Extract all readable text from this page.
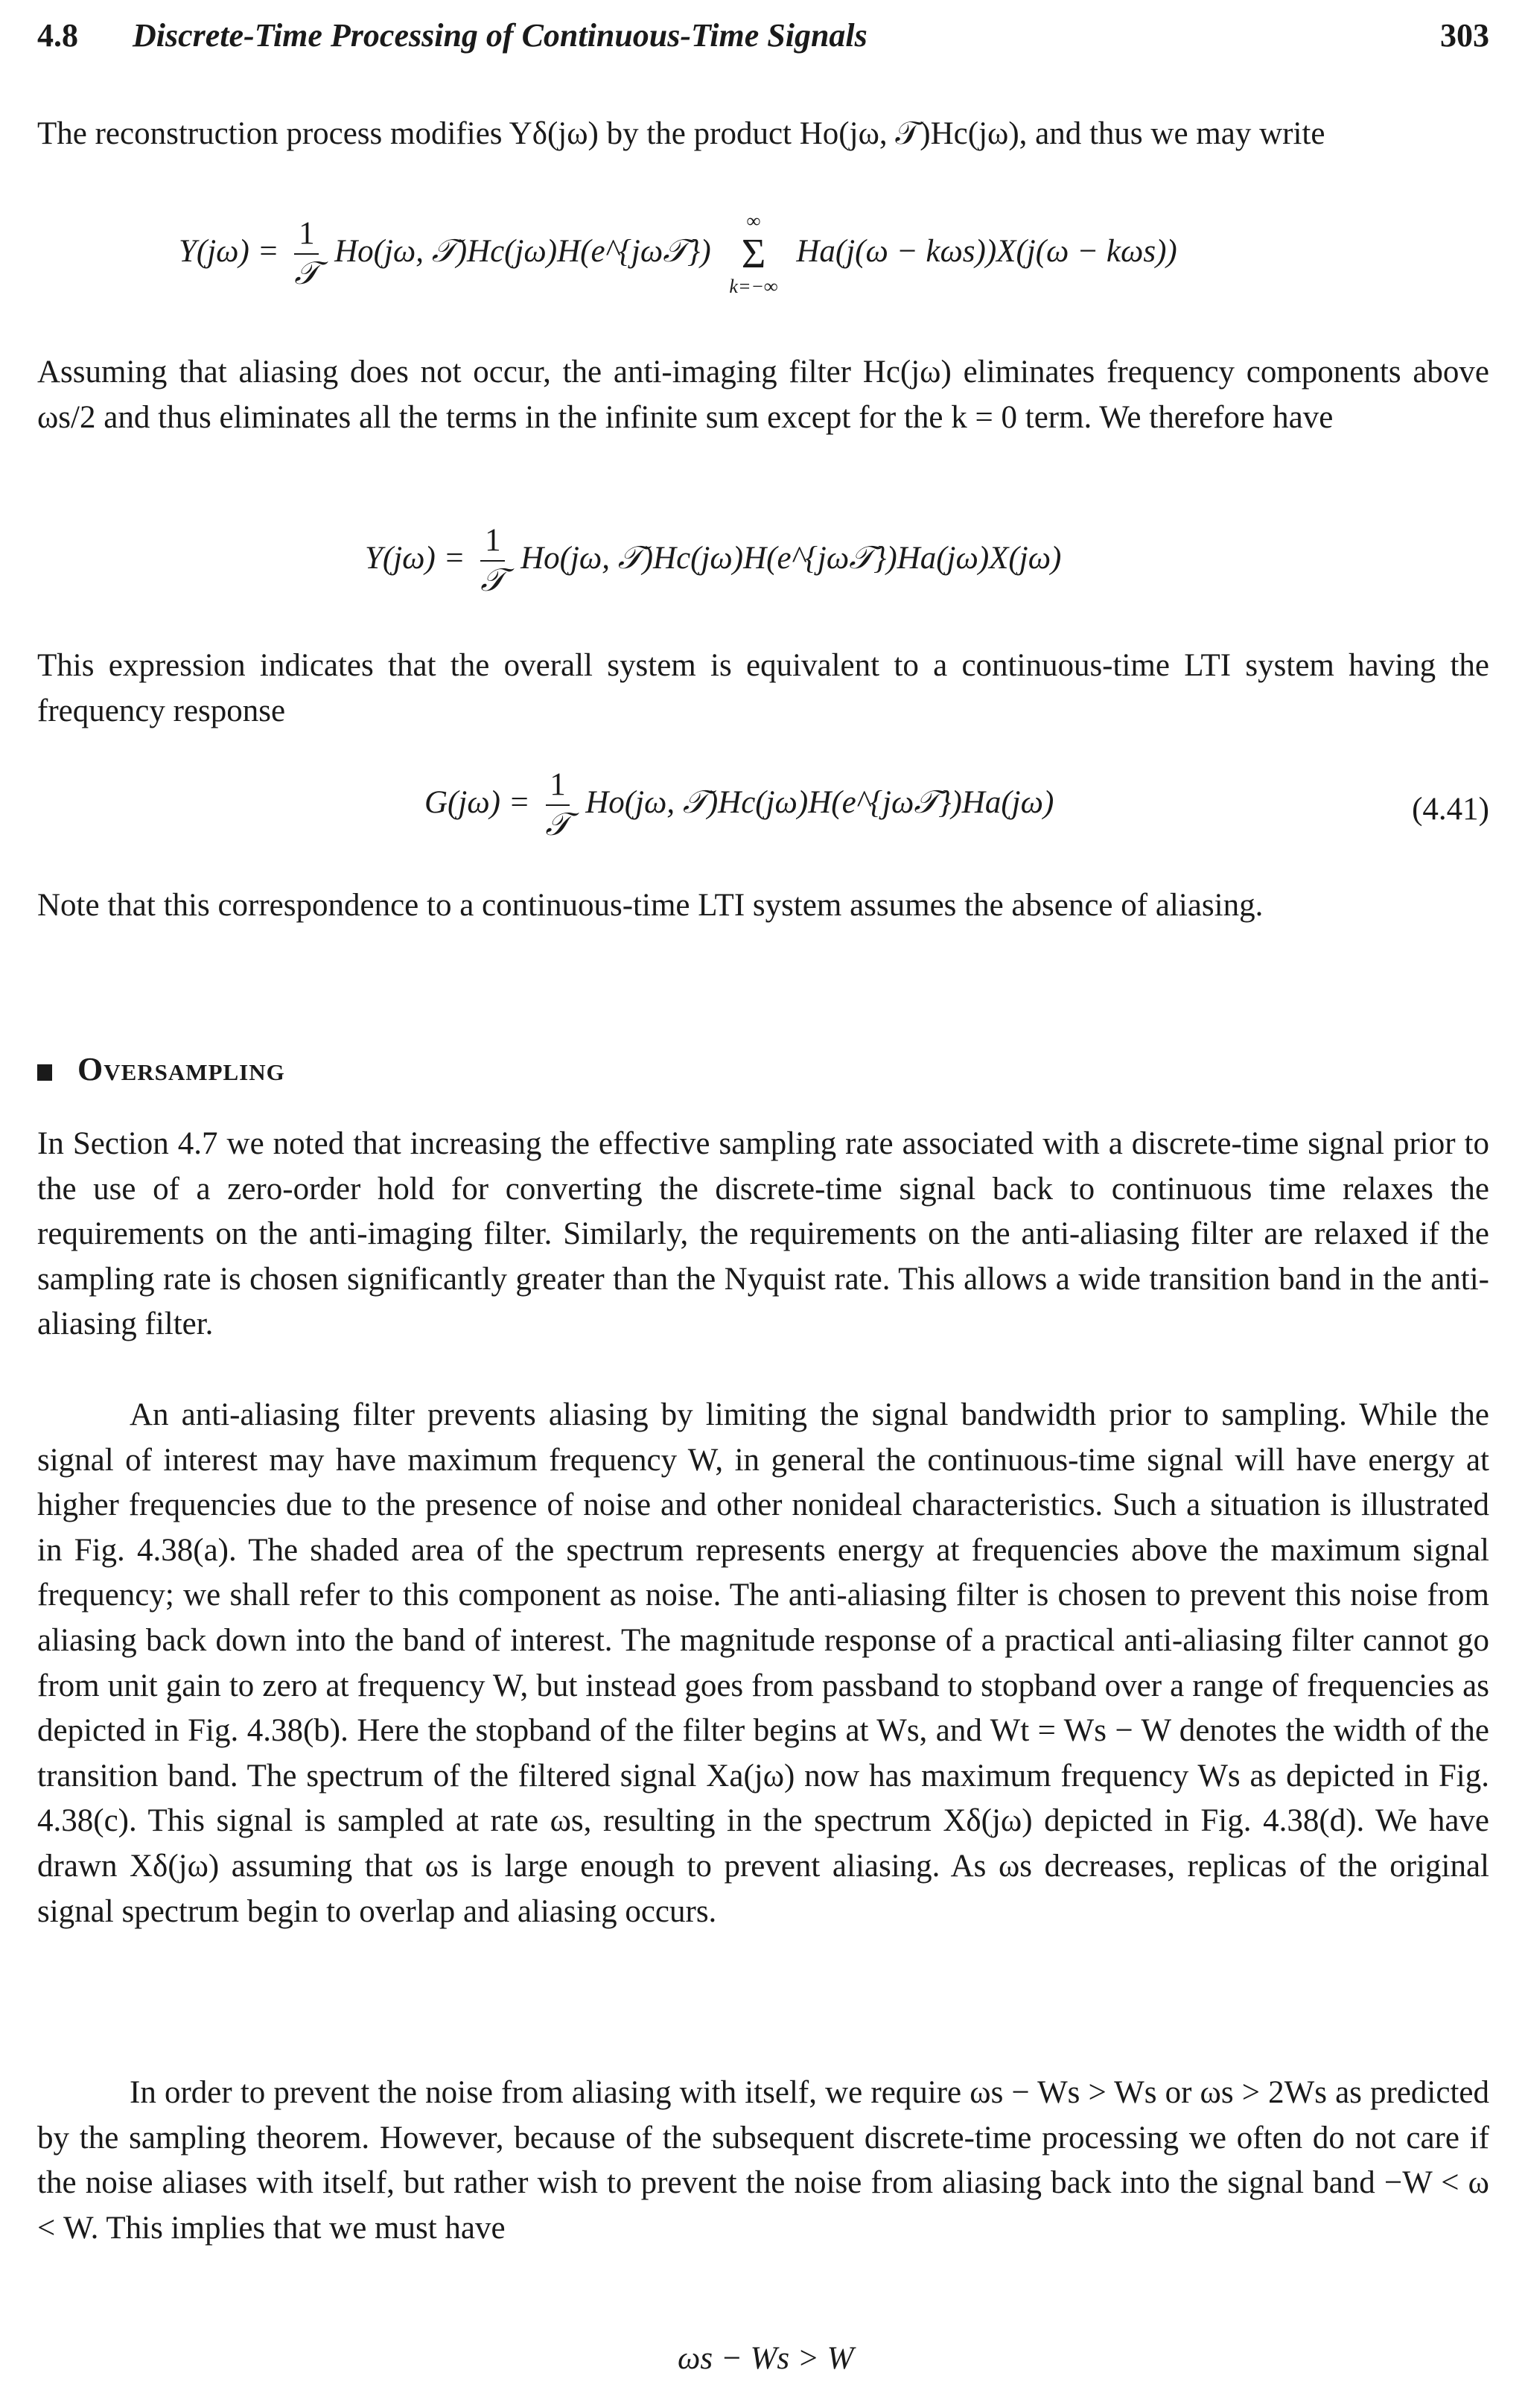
4.8 Discrete-Time Processing of Continuous-Time Signals	303

The reconstruction process modifies Yδ(jω) by the product Ho(jω, 𝒯)Hc(jω), and thus we may write

$Y(j\omega) = \frac{1}{\text{𝒯}} Ho(j\omega$, 𝒯)Hc(jω)H(e^{jω𝒯})
∞
Σ
k=−∞
Ha(j(ω − kωs))X(j(ω − kωs))

Assuming that aliasing does not occur, the anti-imaging filter Hc(jω) eliminates frequency components above ωs/2 and thus eliminates all the terms in the infinite sum except for the k = 0 term. We therefore have

$Y(j\omega) = \frac{1}{\text{𝒯}} Ho(j\omega$, 𝒯)Hc(jω)H(e^{jω𝒯})Ha(jω)X(jω)

This expression indicates that the overall system is equivalent to a continuous-time LTI system having the frequency response

$G(j\omega) = \frac{1}{\text{𝒯}} Ho(j\omega$, 𝒯)Hc(jω)H(e^{jω𝒯})Ha(jω)	(4.41)

Note that this correspondence to a continuous-time LTI system assumes the absence of aliasing.

Oversampling

In Section 4.7 we noted that increasing the effective sampling rate associated with a discrete-time signal prior to the use of a zero-order hold for converting the discrete-time signal back to continuous time relaxes the requirements on the anti-imaging filter. Similarly, the requirements on the anti-aliasing filter are relaxed if the sampling rate is chosen significantly greater than the Nyquist rate. This allows a wide transition band in the anti-aliasing filter.

An anti-aliasing filter prevents aliasing by limiting the signal bandwidth prior to sampling. While the signal of interest may have maximum frequency W, in general the continuous-time signal will have energy at higher frequencies due to the presence of noise and other nonideal characteristics. Such a situation is illustrated in Fig. 4.38(a). The shaded area of the spectrum represents energy at frequencies above the maximum signal frequency; we shall refer to this component as noise. The anti-aliasing filter is chosen to prevent this noise from aliasing back down into the band of interest. The magnitude response of a practical anti-aliasing filter cannot go from unit gain to zero at frequency W, but instead goes from passband to stopband over a range of frequencies as depicted in Fig. 4.38(b). Here the stopband of the filter begins at Ws, and Wt = Ws − W denotes the width of the transition band. The spectrum of the filtered signal Xa(jω) now has maximum frequency Ws as depicted in Fig. 4.38(c). This signal is sampled at rate ωs, resulting in the spectrum Xδ(jω) depicted in Fig. 4.38(d). We have drawn Xδ(jω) assuming that ωs is large enough to prevent aliasing. As ωs decreases, replicas of the original signal spectrum begin to overlap and aliasing occurs.

In order to prevent the noise from aliasing with itself, we require ωs − Ws > Ws or ωs > 2Ws as predicted by the sampling theorem. However, because of the subsequent discrete-time processing we often do not care if the noise aliases with itself, but rather wish to prevent the noise from aliasing back into the signal band −W < ω < W. This implies that we must have

ωs − Ws > W
